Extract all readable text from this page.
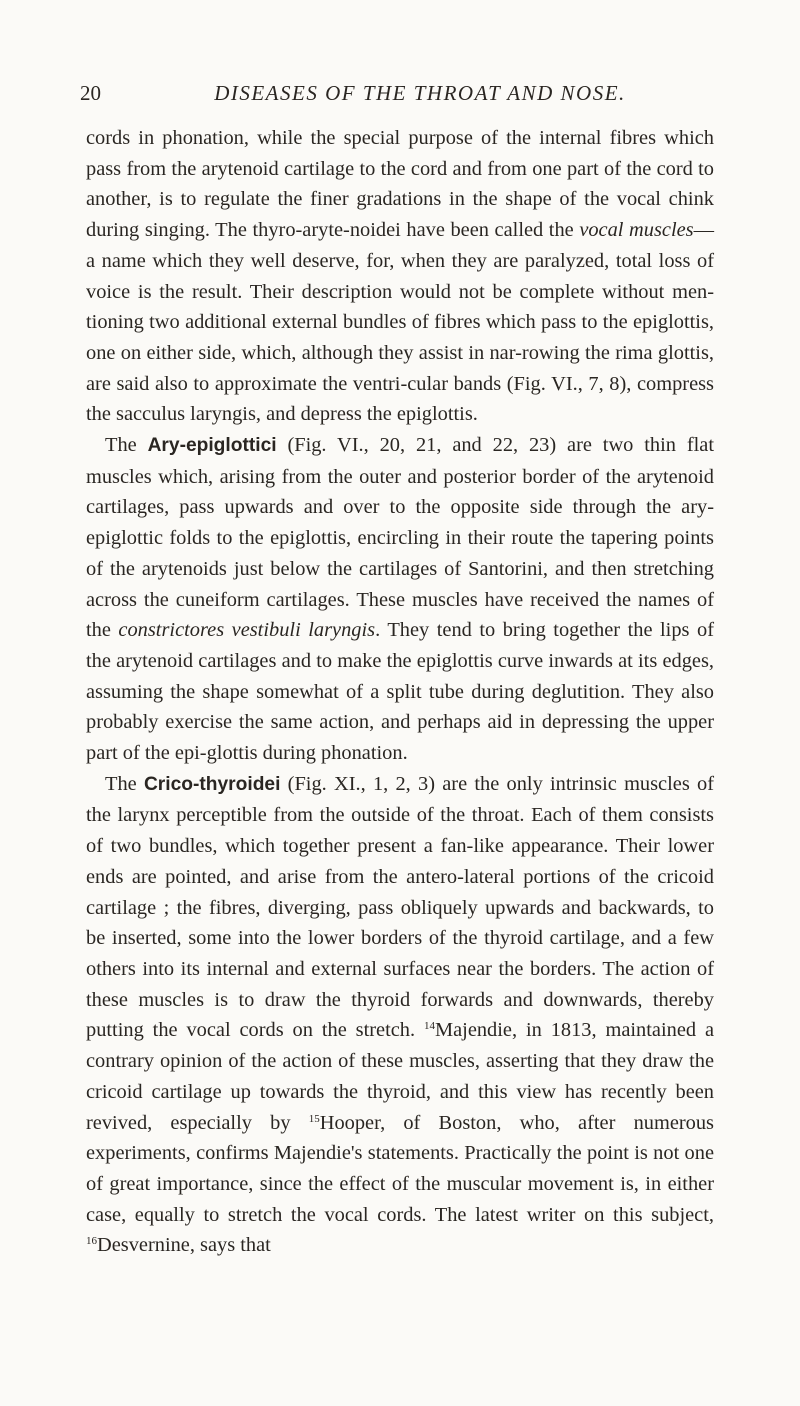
20	DISEASES OF THE THROAT AND NOSE.

cords in phonation, while the special purpose of the internal fibres which pass from the arytenoid cartilage to the cord and from one part of the cord to another, is to regulate the finer gradations in the shape of the vocal chink during singing. The thyro-aryte-noidei have been called the vocal muscles—a name which they well deserve, for, when they are paralyzed, total loss of voice is the result. Their description would not be complete without men-tioning two additional external bundles of fibres which pass to the epiglottis, one on either side, which, although they assist in nar-rowing the rima glottis, are said also to approximate the ventri-cular bands (Fig. VI., 7, 8), compress the sacculus laryngis, and depress the epiglottis.

The Ary-epiglottici (Fig. VI., 20, 21, and 22, 23) are two thin flat muscles which, arising from the outer and posterior border of the arytenoid cartilages, pass upwards and over to the opposite side through the ary-epiglottic folds to the epiglottis, encircling in their route the tapering points of the arytenoids just below the cartilages of Santorini, and then stretching across the cuneiform cartilages. These muscles have received the names of the constrictores vestibuli laryngis. They tend to bring together the lips of the arytenoid cartilages and to make the epiglottis curve inwards at its edges, assuming the shape somewhat of a split tube during deglutition. They also probably exercise the same action, and perhaps aid in depressing the upper part of the epi-glottis during phonation.

The Crico-thyroidei (Fig. XI., 1, 2, 3) are the only intrinsic muscles of the larynx perceptible from the outside of the throat. Each of them consists of two bundles, which together present a fan-like appearance. Their lower ends are pointed, and arise from the antero-lateral portions of the cricoid cartilage ; the fibres, diverging, pass obliquely upwards and backwards, to be inserted, some into the lower borders of the thyroid cartilage, and a few others into its internal and external surfaces near the borders. The action of these muscles is to draw the thyroid forwards and downwards, thereby putting the vocal cords on the stretch. $^{14}$Majendie, in 1813, maintained a contrary opinion of the action of these muscles, asserting that they draw the cricoid cartilage up towards the thyroid, and this view has recently been revived, especially by $^{15}$Hooper, of Boston, who, after numerous experiments, confirms Majendie's statements. Practically the point is not one of great importance, since the effect of the muscular movement is, in either case, equally to stretch the vocal cords. The latest writer on this subject, $^{16}$Desvernine, says that
